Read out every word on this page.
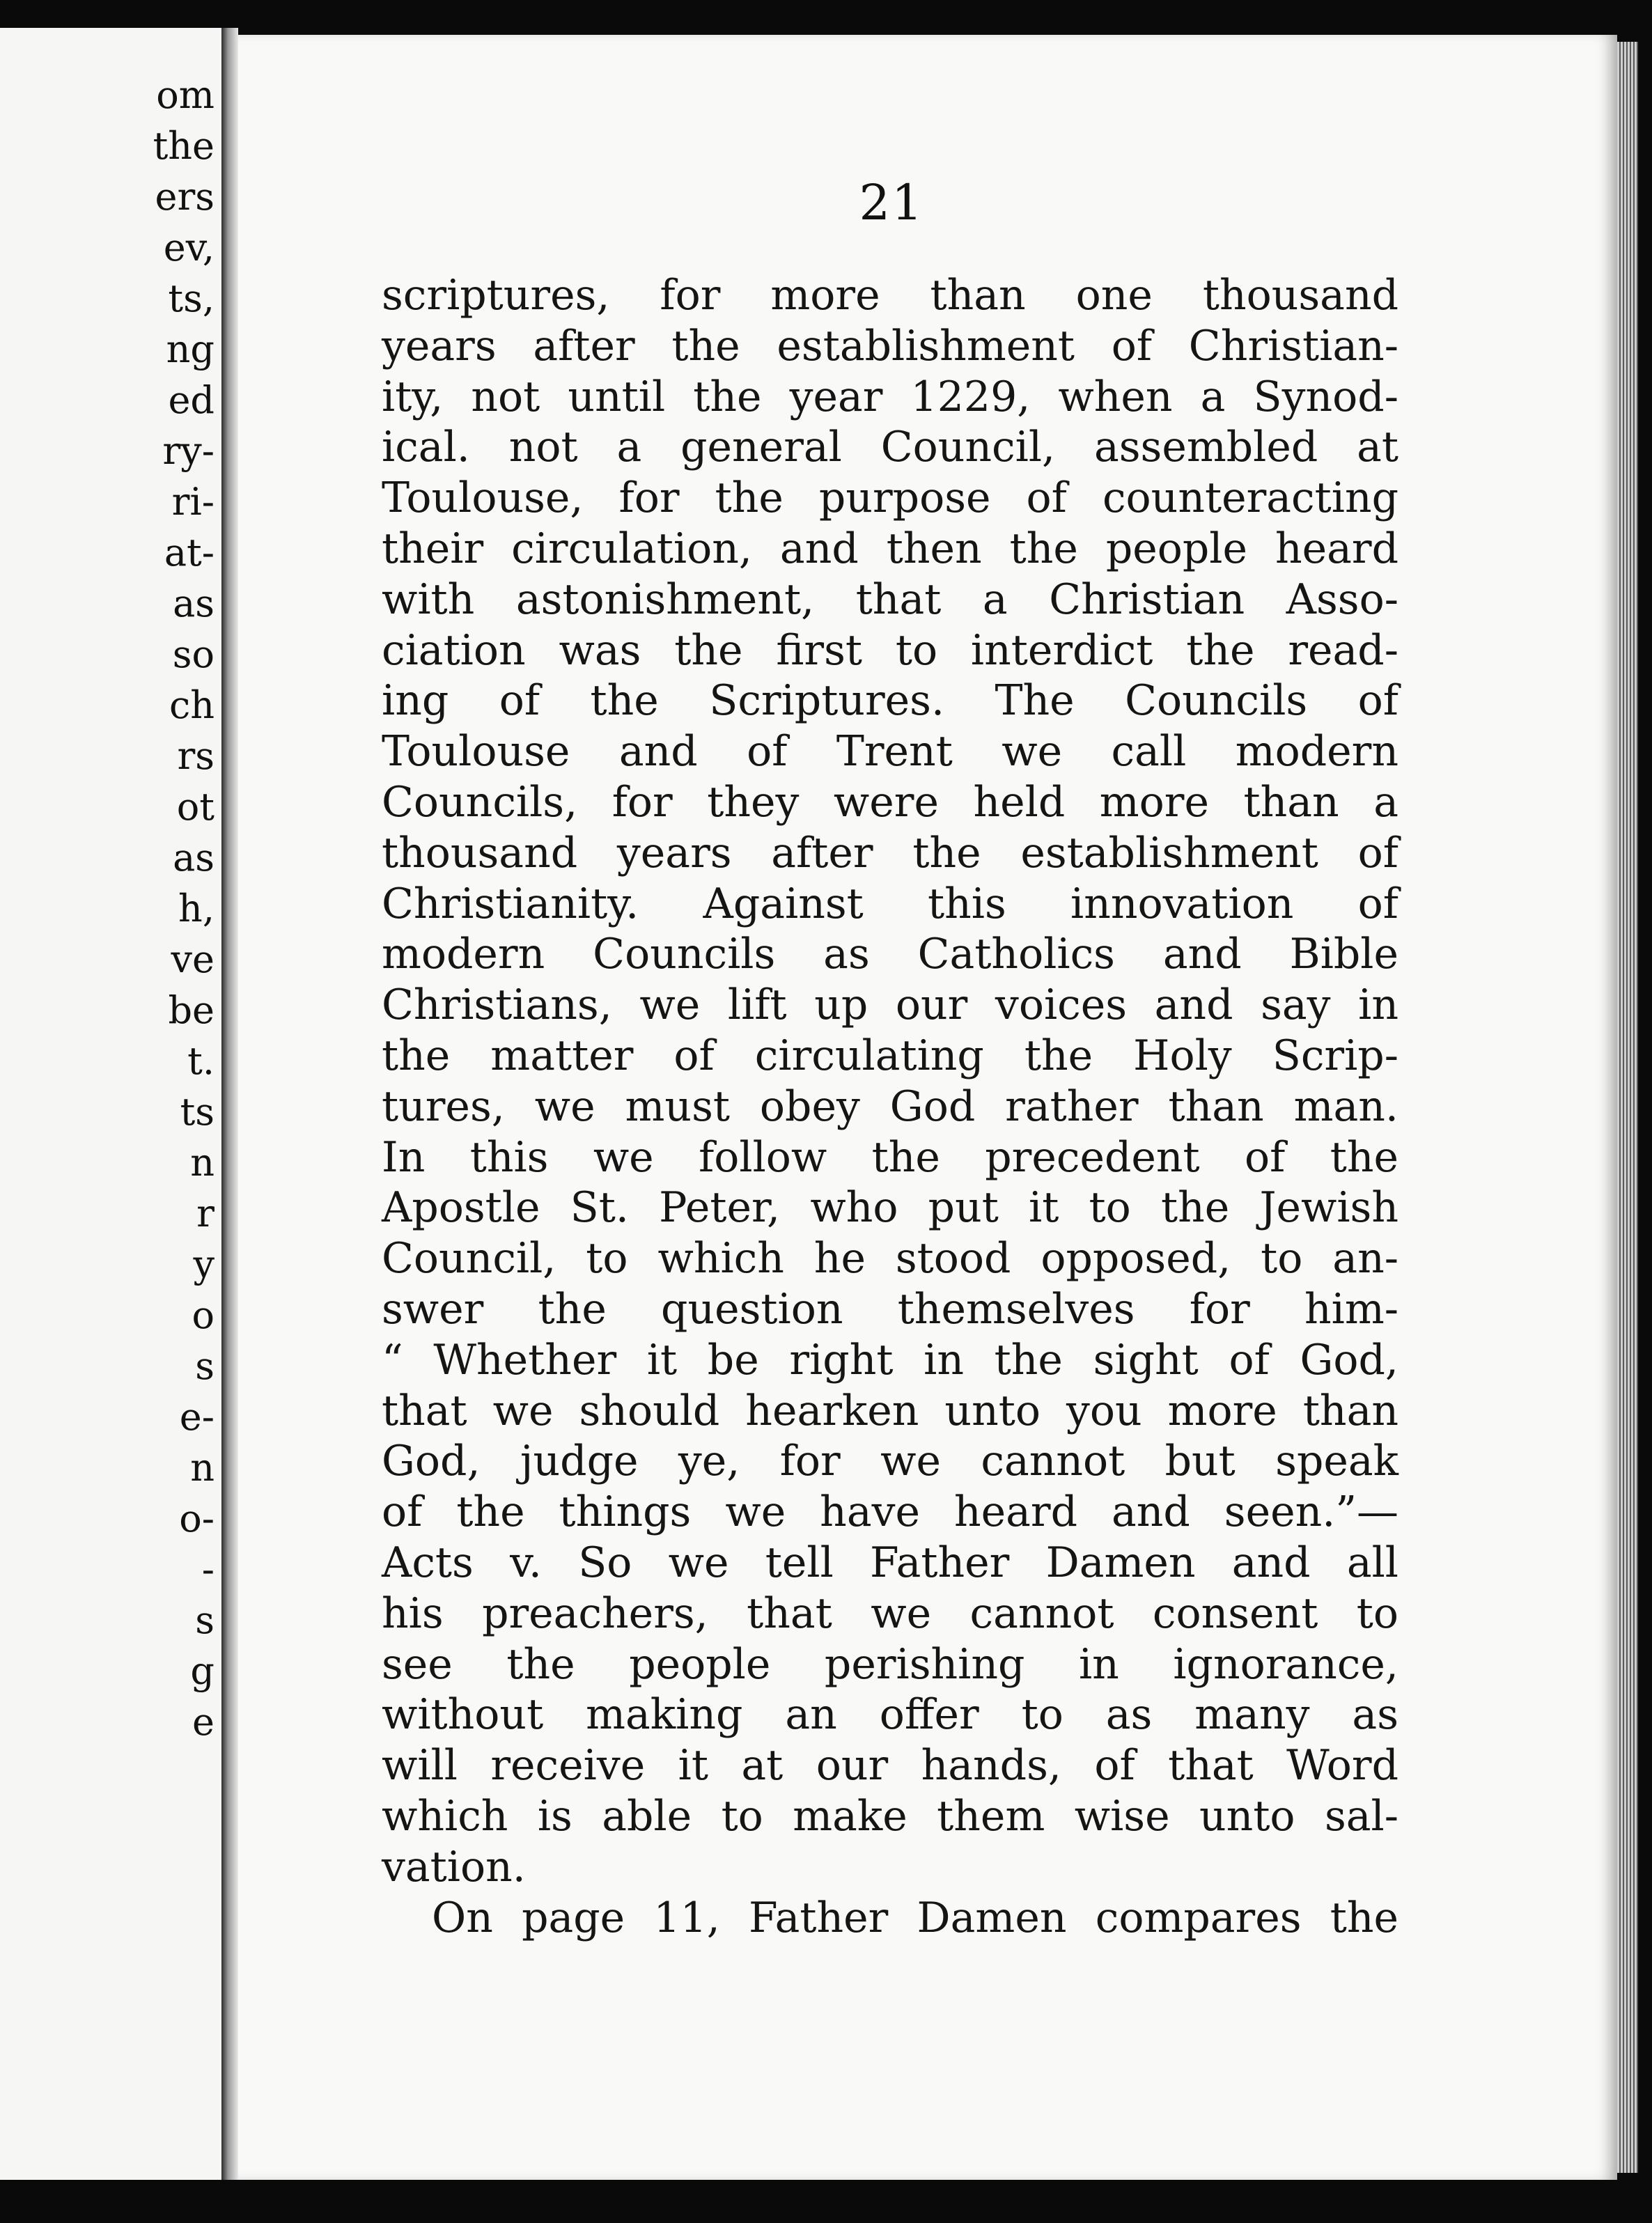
om
the
ers
ev,
ts,
ng
ed
ry-
ri-
at-
as
so
ch
rs
ot
as
h,
ve
be
t.
ts
n
r
y
o
s
e-
n
o-
-
s
g
e
21
scriptures, for more than one thousand
years after the establishment of Christian-
ity, not until the year 1229, when a Synod-
ical. not a general Council, assembled at
Toulouse, for the purpose of counteracting
their circulation, and then the people heard
with astonishment, that a Christian Asso-
ciation was the first to interdict the read-
ing of the Scriptures. The Councils of
Toulouse and of Trent we call modern
Councils, for they were held more than a
thousand years after the establishment of
Christianity. Against this innovation of
modern Councils as Catholics and Bible
Christians, we lift up our voices and say in
the matter of circulating the Holy Scrip-
tures, we must obey God rather than man.
In this we follow the precedent of the
Apostle St. Peter, who put it to the Jewish
Council, to which he stood opposed, to an-
swer the question themselves for him-
“ Whether it be right in the sight of God,
that we should hearken unto you more than
God, judge ye, for we cannot but speak
of the things we have heard and seen.”—
Acts v. So we tell Father Damen and all
his preachers, that we cannot consent to
see the people perishing in ignorance,
without making an offer to as many as
will receive it at our hands, of that Word
which is able to make them wise unto sal-
vation.
On page 11, Father Damen compares the
